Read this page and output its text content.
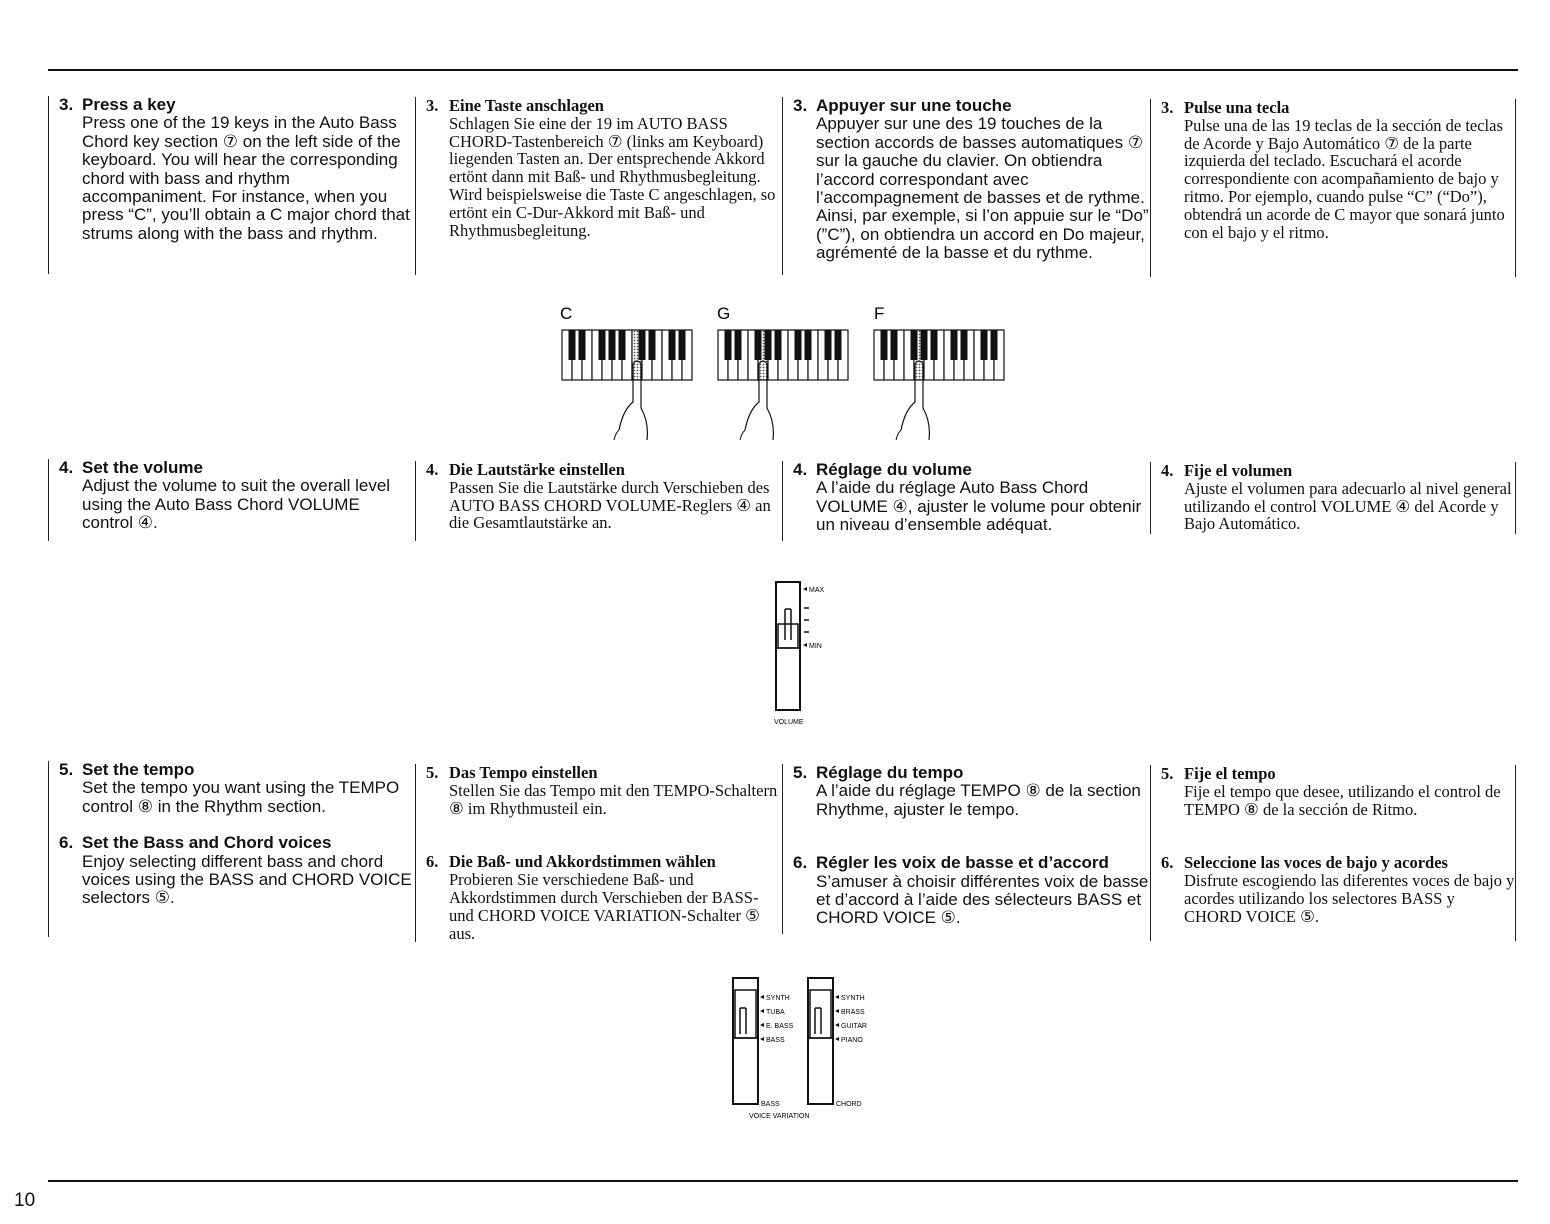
3. Press a key
Press one of the 19 keys in the Auto Bass Chord key section ⑦ on the left side of the keyboard. You will hear the corresponding chord with bass and rhythm accompaniment. For instance, when you press “C”, you’ll obtain a C major chord that strums along with the bass and rhythm.
3. Eine Taste anschlagen
Schlagen Sie eine der 19 im AUTO BASS CHORD-Tastenbereich ⑦ (links am Keyboard) liegenden Tasten an. Der entsprechende Akkord ertönt dann mit Baß- und Rhythmusbegleitung. Wird beispielsweise die Taste C angeschlagen, so ertönt ein C-Dur-Akkord mit Baß- und Rhythmusbegleitung.
3. Appuyer sur une touche
Appuyer sur une des 19 touches de la section accords de basses automatiques ⑦ sur la gauche du clavier. On obtiendra l’accord correspondant avec l’accompagnement de basses et de rythme. Ainsi, par exemple, si l’on appuie sur le “Do” (”C”), on obtiendra un accord en Do majeur, agrémenté de la basse et du rythme.
3. Pulse una tecla
Pulse una de las 19 teclas de la sección de teclas de Acorde y Bajo Automático ⑦ de la parte izquierda del teclado. Escuchará el acorde correspondiente con acompañamiento de bajo y ritmo. Por ejemplo, cuando pulse “C” (“Do”), obtendrá un acorde de C mayor que sonará junto con el bajo y el ritmo.
C	G	F
4. Set the volume
Adjust the volume to suit the overall level using the Auto Bass Chord VOLUME control ④.
4. Die Lautstärke einstellen
Passen Sie die Lautstärke durch Verschieben des AUTO BASS CHORD VOLUME-Reglers ④ an die Gesamtlautstärke an.
4. Réglage du volume
A l’aide du réglage Auto Bass Chord VOLUME ④, ajuster le volume pour obtenir un niveau d’ensemble adéquat.
4. Fije el volumen
Ajuste el volumen para adecuarlo al nivel general utilizando el control VOLUME ④ del Acorde y Bajo Automático.
MAX
MIN
VOLUME
5. Set the tempo
Set the tempo you want using the TEMPO control ⑧ in the Rhythm section.
6. Set the Bass and Chord voices
Enjoy selecting different bass and chord voices using the BASS and CHORD VOICE selectors ⑤.
5. Das Tempo einstellen
Stellen Sie das Tempo mit den TEMPO-Schaltern ⑧ im Rhythmusteil ein.
6. Die Baß- und Akkordstimmen wählen
Probieren Sie verschiedene Baß- und Akkordstimmen durch Verschieben der BASS- und CHORD VOICE VARIATION-Schalter ⑤ aus.
5. Réglage du tempo
A l’aide du réglage TEMPO ⑧ de la section Rhythme, ajuster le tempo.
6. Régler les voix de basse et d’accord
S’amuser à choisir différentes voix de basse et d’accord à l’aide des sélecteurs BASS et CHORD VOICE ⑤.
5. Fije el tempo
Fije el tempo que desee, utilizando el control de TEMPO ⑧ de la sección de Ritmo.
6. Seleccione las voces de bajo y acordes
Disfrute escogiendo las diferentes voces de bajo y acordes utilizando los selectores BASS y CHORD VOICE ⑤.
SYNTH
TUBA
E. BASS
BASS
BASS
SYNTH
BRASS
GUITAR
PIANO
CHORD
VOICE VARIATION
10
